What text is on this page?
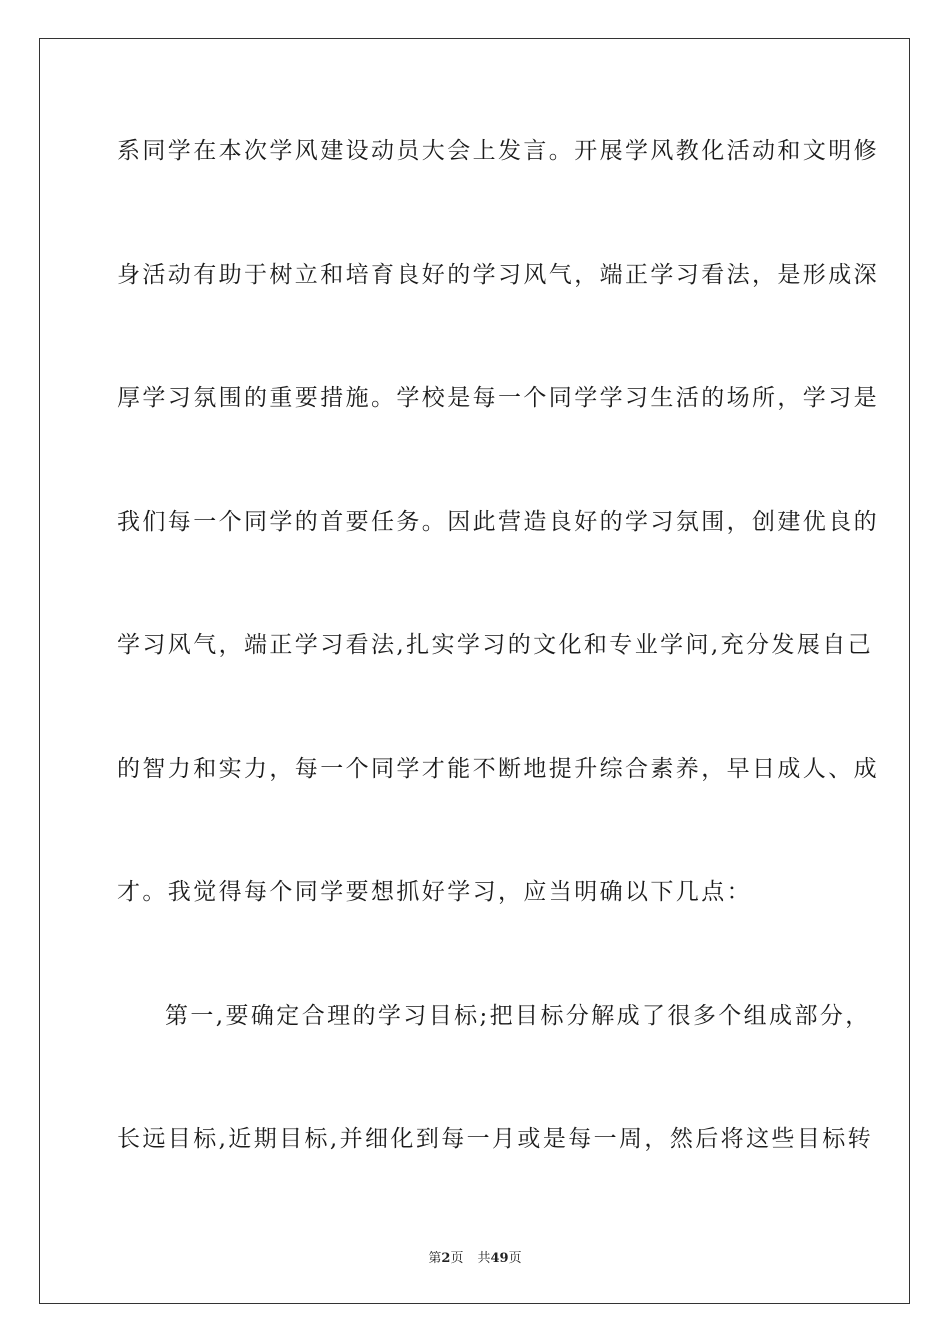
系同学在本次学风建设动员大会上发言。开展学风教化活动和文明修
身活动有助于树立和培育良好的学习风气，端正学习看法，是形成深
厚学习氛围的重要措施。学校是每一个同学学习生活的场所，学习是
我们每一个同学的首要任务。因此营造良好的学习氛围，创建优良的
学习风气，端正学习看法,扎实学习的文化和专业学问,充分发展自己
的智力和实力，每一个同学才能不断地提升综合素养，早日成人、成
才。我觉得每个同学要想抓好学习，应当明确以下几点：
第一,要确定合理的学习目标;把目标分解成了很多个组成部分，
长远目标,近期目标,并细化到每一月或是每一周，然后将这些目标转
第2页 共49页
